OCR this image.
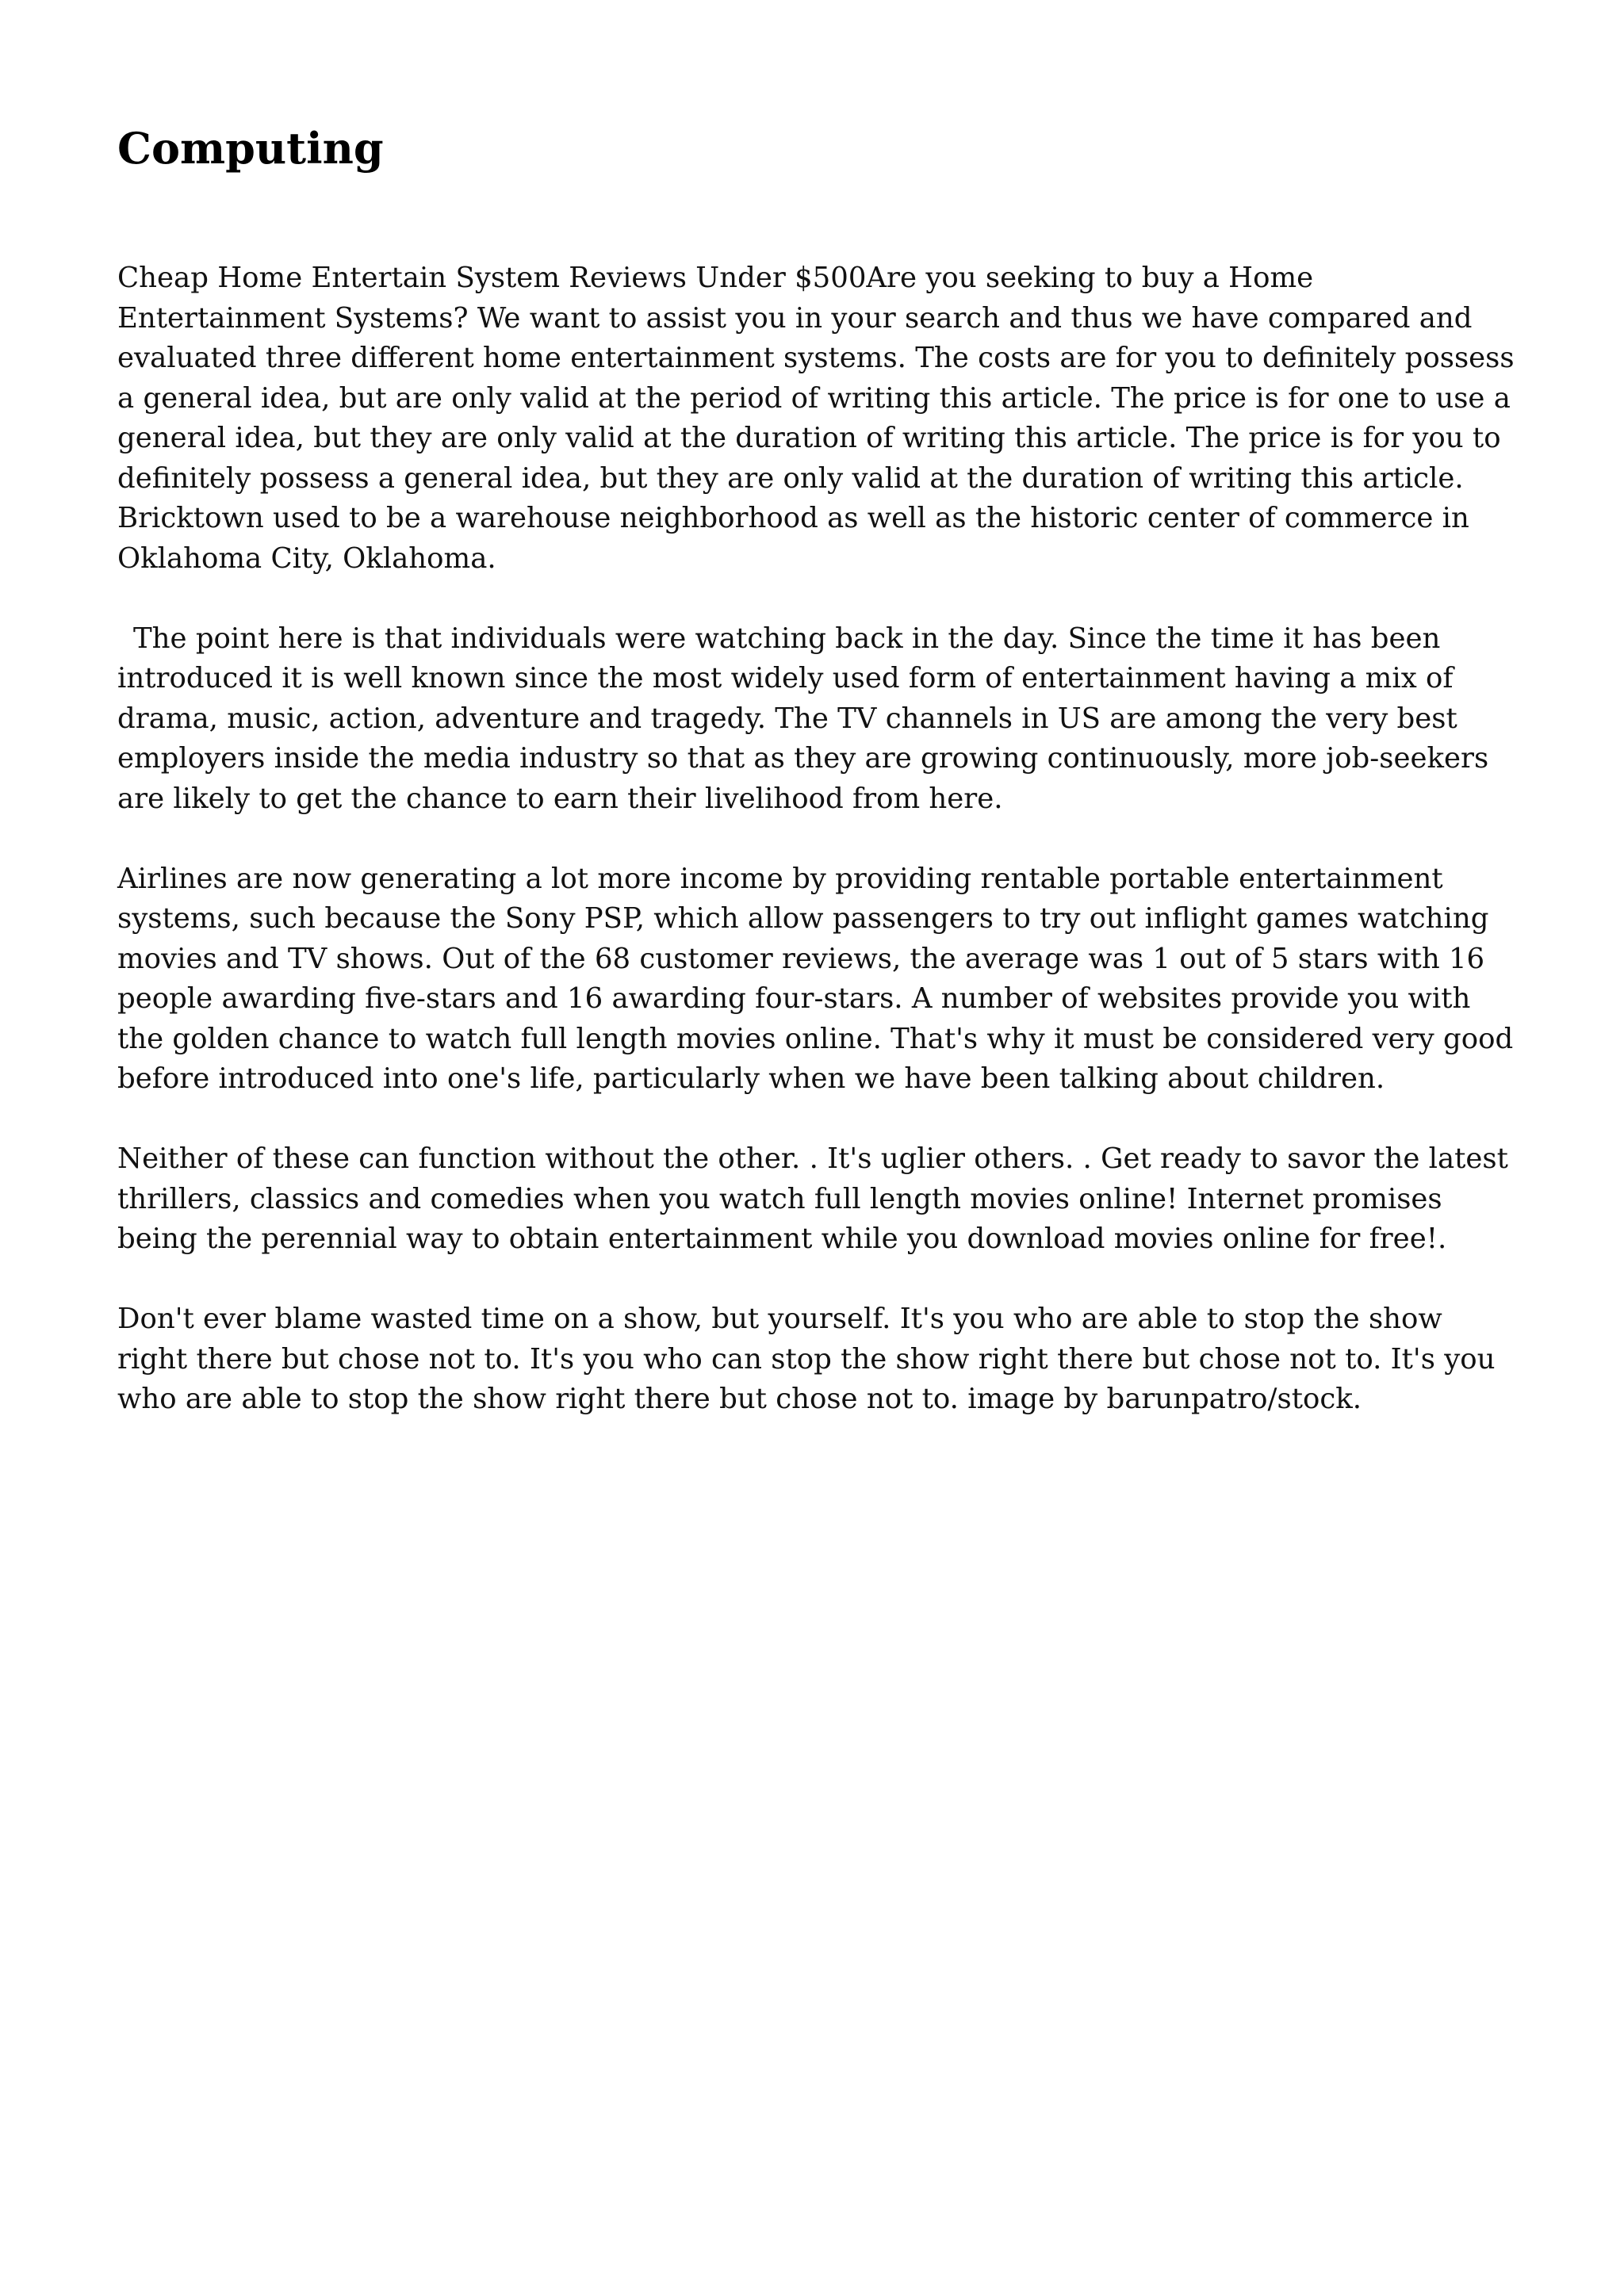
Computing

Cheap Home Entertain System Reviews Under $500Are you seeking to buy a Home Entertainment Systems? We want to assist you in your search and thus we have compared and evaluated three different home entertainment systems. The costs are for you to definitely possess a general idea, but are only valid at the period of writing this article. The price is for one to use a general idea, but they are only valid at the duration of writing this article. The price is for you to definitely possess a general idea, but they are only valid at the duration of writing this article. Bricktown used to be a warehouse neighborhood as well as the historic center of commerce in Oklahoma City, Oklahoma.

The point here is that individuals were watching back in the day. Since the time it has been introduced it is well known since the most widely used form of entertainment having a mix of drama, music, action, adventure and tragedy. The TV channels in US are among the very best employers inside the media industry so that as they are growing continuously, more job-seekers are likely to get the chance to earn their livelihood from here.

Airlines are now generating a lot more income by providing rentable portable entertainment systems, such because the Sony PSP, which allow passengers to try out inflight games watching movies and TV shows. Out of the 68 customer reviews, the average was 1 out of 5 stars with 16 people awarding five-stars and 16 awarding four-stars. A number of websites provide you with the golden chance to watch full length movies online. That's why it must be considered very good before introduced into one's life, particularly when we have been talking about children.

Neither of these can function without the other. . It's uglier others. . Get ready to savor the latest thrillers, classics and comedies when you watch full length movies online! Internet promises being the perennial way to obtain entertainment while you download movies online for free!.

Don't ever blame wasted time on a show, but yourself. It's you who are able to stop the show right there but chose not to. It's you who can stop the show right there but chose not to. It's you who are able to stop the show right there but chose not to. image by barunpatro/stock.
